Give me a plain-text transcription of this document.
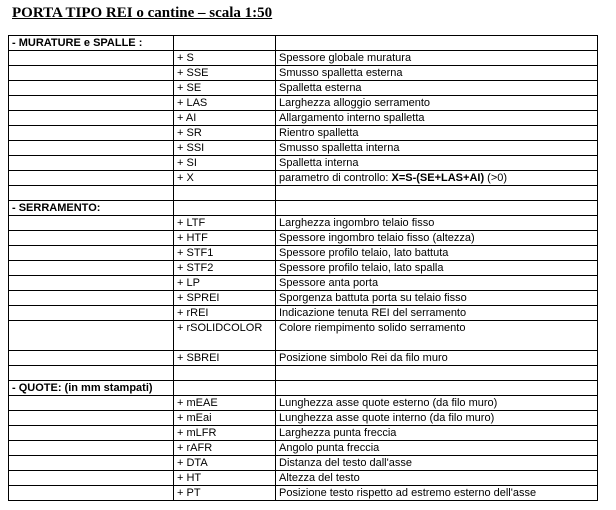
PORTA TIPO REI o cantine – scala 1:50
- MURATURE e SPALLE :		
	+ S	Spessore globale muratura
	+ SSE	Smusso spalletta esterna
	+ SE	Spalletta esterna
	+ LAS	Larghezza alloggio serramento
	+ AI	Allargamento interno spalletta
	+ SR	Rientro spalletta
	+ SSI	Smusso spalletta interna
	+ SI	Spalletta interna
	+ X	parametro di controllo: X=S-(SE+LAS+AI) (>0)

- SERRAMENTO:		
	+ LTF	Larghezza ingombro telaio fisso
	+ HTF	Spessore ingombro telaio fisso (altezza)
	+ STF1	Spessore profilo telaio, lato battuta
	+ STF2	Spessore profilo telaio, lato spalla
	+ LP	Spessore anta porta
	+ SPREI	Sporgenza battuta porta su telaio fisso
	+ rREI	Indicazione tenuta REI del serramento
	+ rSOLIDCOLOR	Colore riempimento solido serramento
	+ SBREI	Posizione simbolo Rei da filo muro

- QUOTE: (in mm stampati)		
	+ mEAE	Lunghezza asse quote esterno (da filo muro)
	+ mEai	Lunghezza asse quote interno (da filo muro)
	+ mLFR	Larghezza punta freccia
	+ rAFR	Angolo punta freccia
	+ DTA	Distanza del testo dall'asse
	+ HT	Altezza del testo
	+ PT	Posizione testo rispetto ad estremo esterno dell'asse
